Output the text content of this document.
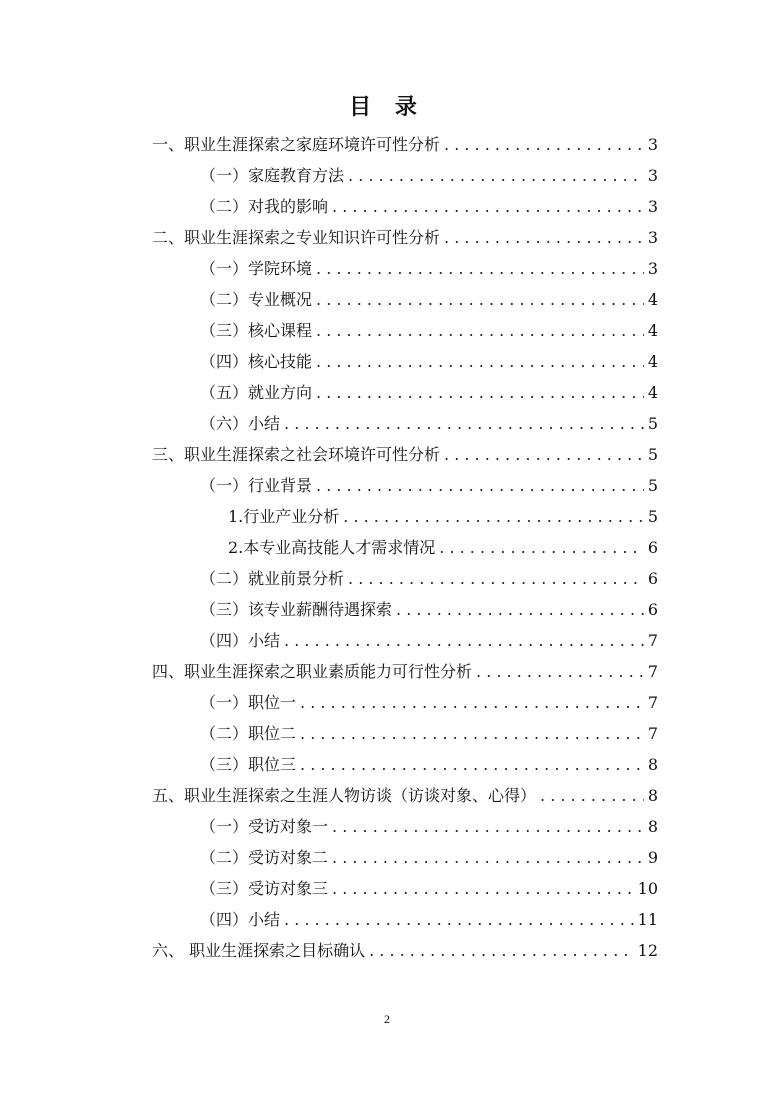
目 录
一、职业生涯探索之家庭环境许可性分析 . . .	3
（一）家庭教育方法 . . .	3
（二）对我的影响 . . .	3
二、职业生涯探索之专业知识许可性分析 . . .	3
（一）学院环境 . . .	3
（二）专业概况 . . .	4
（三）核心课程 . . .	4
（四）核心技能 . . .	4
（五）就业方向 . . .	4
（六）小结 . . .	5
三、职业生涯探索之社会环境许可性分析 . . .	5
（一）行业背景 . . .	5
1.行业产业分析 . . .	5
2.本专业高技能人才需求情况 . . .	6
（二）就业前景分析 . . .	6
（三）该专业薪酬待遇探索 . . .	6
（四）小结 . . .	7
四、职业生涯探索之职业素质能力可行性分析 . . .	7
（一）职位一 . . .	7
（二）职位二 . . .	7
（三）职位三 . . .	8
五、职业生涯探索之生涯人物访谈（访谈对象、心得） . . .	8
（一）受访对象一 . . .	8
（二）受访对象二 . . .	9
（三）受访对象三 . . .	10
（四）小结 . . .	11
六、 职业生涯探索之目标确认 . . .	12
2
